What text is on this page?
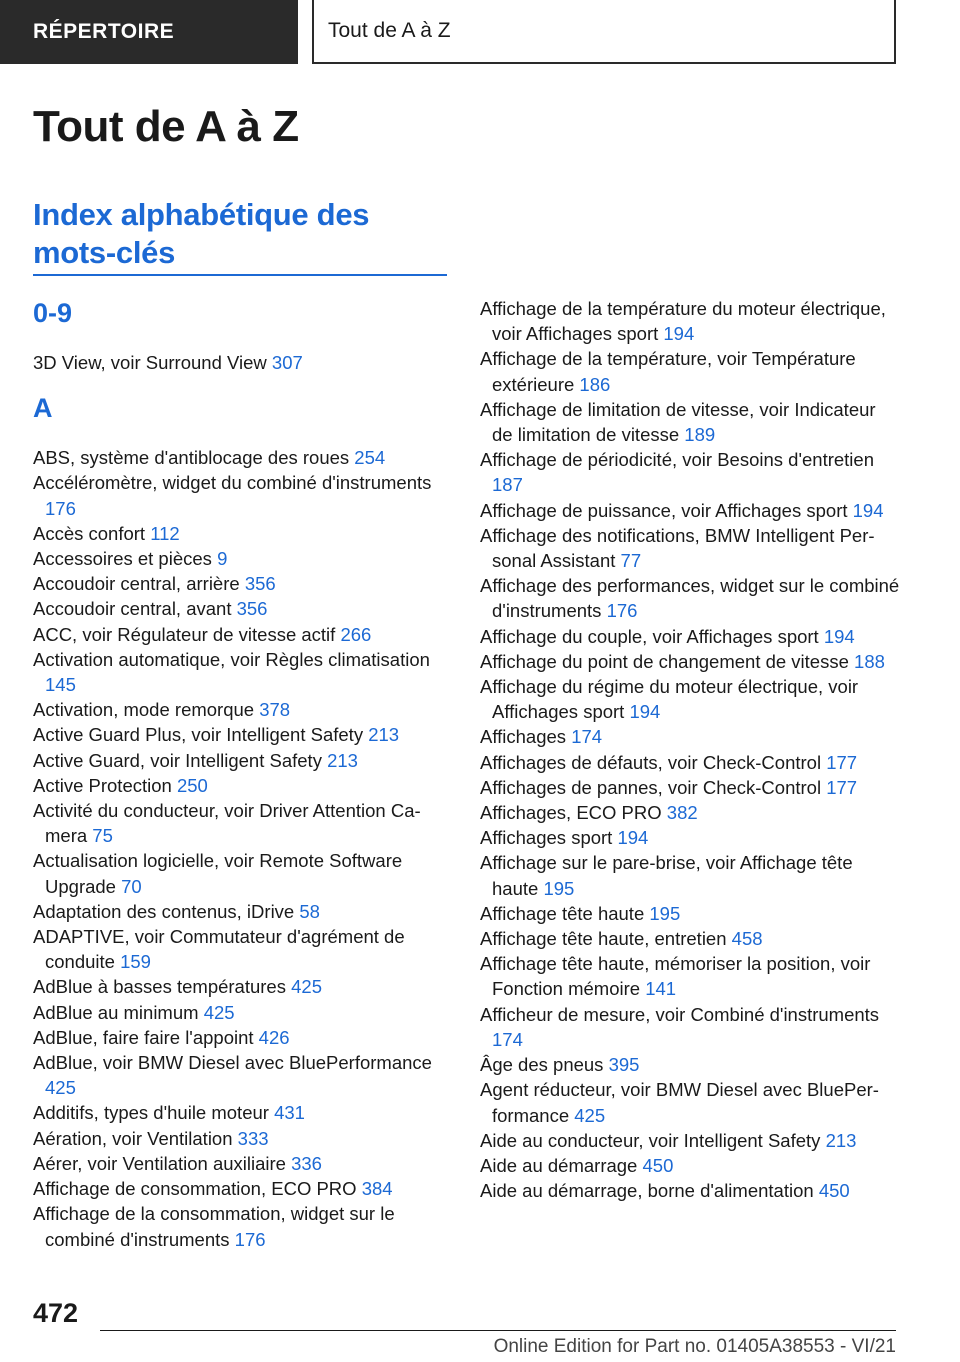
RÉPERTOIRE	Tout de A à Z
Tout de A à Z
Index alphabétique des mots-clés
0-9
3D View, voir Surround View 307
A
ABS, système d'antiblocage des roues 254
Accéléromètre, widget du combiné d'instruments 176
Accès confort 112
Accessoires et pièces 9
Accoudoir central, arrière 356
Accoudoir central, avant 356
ACC, voir Régulateur de vitesse actif 266
Activation automatique, voir Règles climatisation 145
Activation, mode remorque 378
Active Guard Plus, voir Intelligent Safety 213
Active Guard, voir Intelligent Safety 213
Active Protection 250
Activité du conducteur, voir Driver Attention Camera 75
Actualisation logicielle, voir Remote Software Upgrade 70
Adaptation des contenus, iDrive 58
ADAPTIVE, voir Commutateur d'agrément de conduite 159
AdBlue à basses températures 425
AdBlue au minimum 425
AdBlue, faire faire l'appoint 426
AdBlue, voir BMW Diesel avec BluePerformance 425
Additifs, types d'huile moteur 431
Aération, voir Ventilation 333
Aérer, voir Ventilation auxiliaire 336
Affichage de consommation, ECO PRO 384
Affichage de la consommation, widget sur le combiné d'instruments 176
Affichage de la température du moteur électrique, voir Affichages sport 194
Affichage de la température, voir Température extérieure 186
Affichage de limitation de vitesse, voir Indicateur de limitation de vitesse 189
Affichage de périodicité, voir Besoins d'entretien 187
Affichage de puissance, voir Affichages sport 194
Affichage des notifications, BMW Intelligent Personal Assistant 77
Affichage des performances, widget sur le combiné d'instruments 176
Affichage du couple, voir Affichages sport 194
Affichage du point de changement de vitesse 188
Affichage du régime du moteur électrique, voir Affichages sport 194
Affichages 174
Affichages de défauts, voir Check-Control 177
Affichages de pannes, voir Check-Control 177
Affichages, ECO PRO 382
Affichages sport 194
Affichage sur le pare-brise, voir Affichage tête haute 195
Affichage tête haute 195
Affichage tête haute, entretien 458
Affichage tête haute, mémoriser la position, voir Fonction mémoire 141
Afficheur de mesure, voir Combiné d'instruments 174
Âge des pneus 395
Agent réducteur, voir BMW Diesel avec BluePerformance 425
Aide au conducteur, voir Intelligent Safety 213
Aide au démarrage 450
Aide au démarrage, borne d'alimentation 450
472
Online Edition for Part no. 01405A38553 - VI/21
